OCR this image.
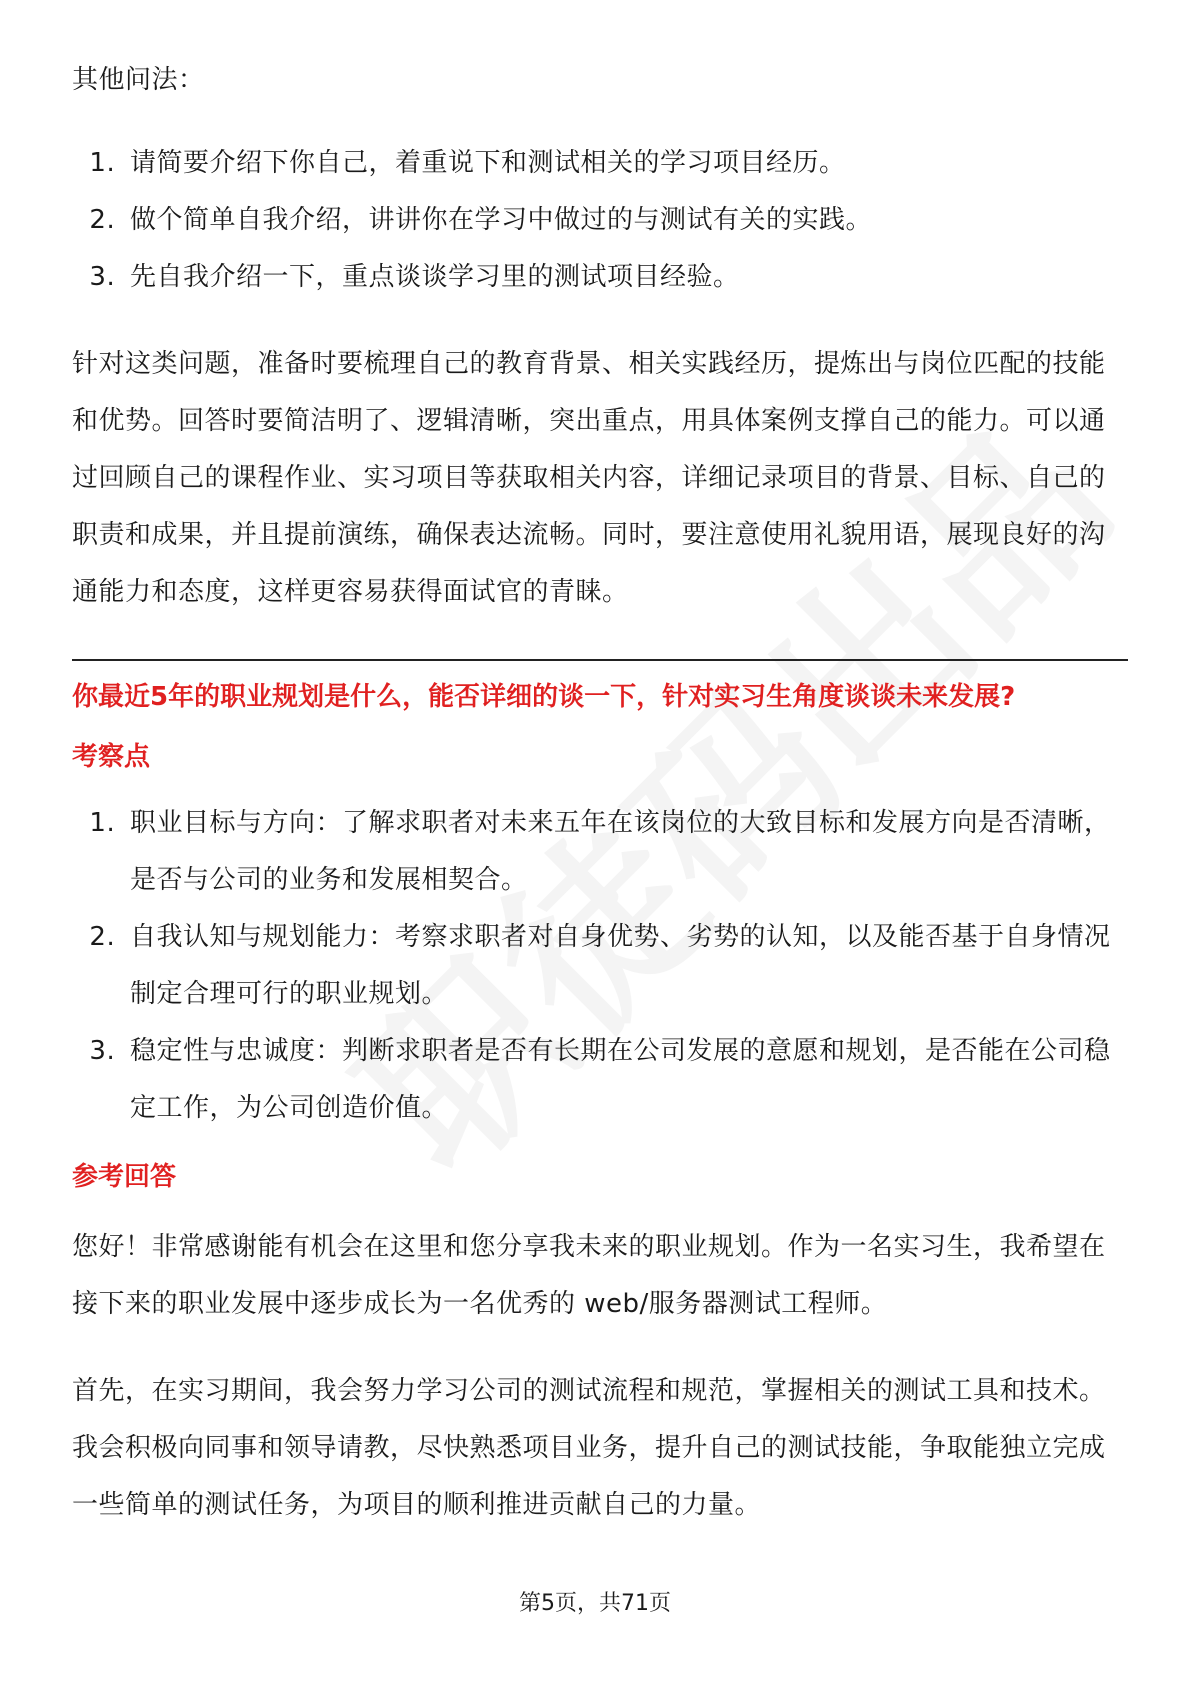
其他问法：

1. 请简要介绍下你自己，着重说下和测试相关的学习项目经历。
2. 做个简单自我介绍，讲讲你在学习中做过的与测试有关的实践。
3. 先自我介绍一下，重点谈谈学习里的测试项目经验。

针对这类问题，准备时要梳理自己的教育背景、相关实践经历，提炼出与岗位匹配的技能和优势。回答时要简洁明了、逻辑清晰，突出重点，用具体案例支撑自己的能力。可以通过回顾自己的课程作业、实习项目等获取相关内容，详细记录项目的背景、目标、自己的职责和成果，并且提前演练，确保表达流畅。同时，要注意使用礼貌用语，展现良好的沟通能力和态度，这样更容易获得面试官的青睐。

你最近5年的职业规划是什么，能否详细的谈一下，针对实习生角度谈谈未来发展?

考察点

1. 职业目标与方向：了解求职者对未来五年在该岗位的大致目标和发展方向是否清晰，是否与公司的业务和发展相契合。
2. 自我认知与规划能力：考察求职者对自身优势、劣势的认知，以及能否基于自身情况制定合理可行的职业规划。
3. 稳定性与忠诚度：判断求职者是否有长期在公司发展的意愿和规划，是否能在公司稳定工作，为公司创造价值。

参考回答

您好！非常感谢能有机会在这里和您分享我未来的职业规划。作为一名实习生，我希望在接下来的职业发展中逐步成长为一名优秀的 web/服务器测试工程师。

首先，在实习期间，我会努力学习公司的测试流程和规范，掌握相关的测试工具和技术。我会积极向同事和领导请教，尽快熟悉项目业务，提升自己的测试技能，争取能独立完成一些简单的测试任务，为项目的顺利推进贡献自己的力量。

第5页，共71页
